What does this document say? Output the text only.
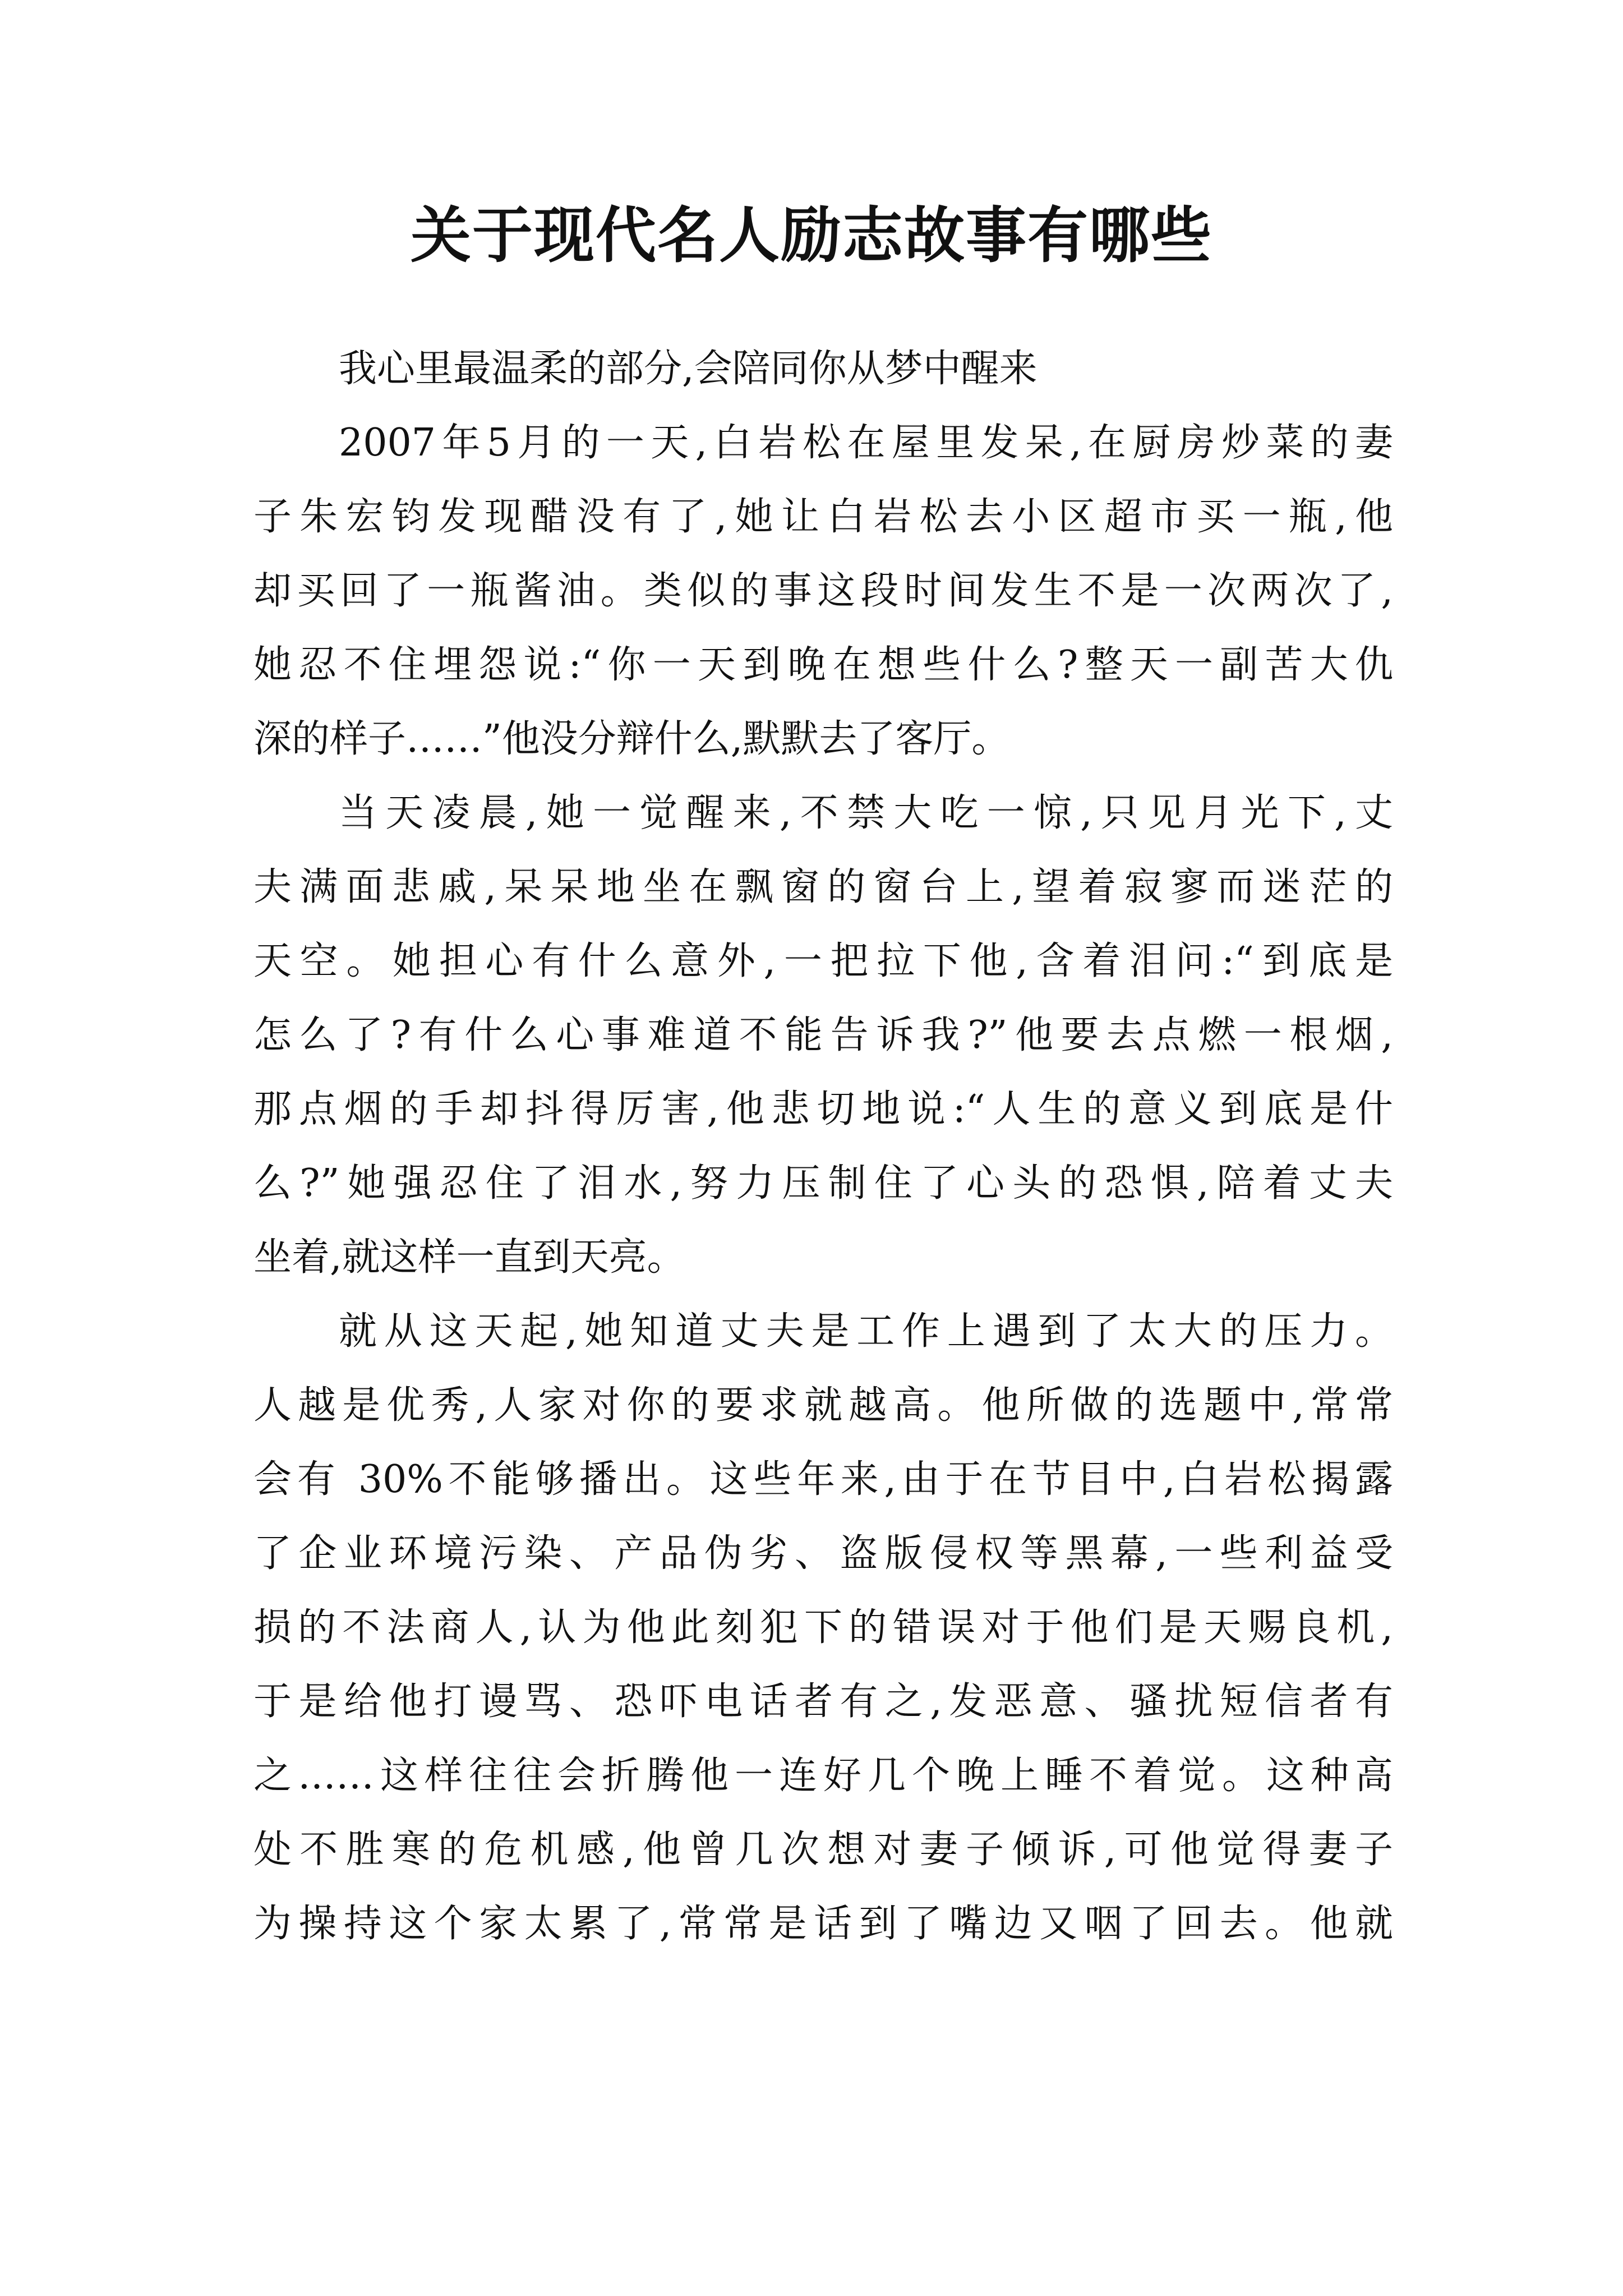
关于现代名人励志故事有哪些
我心里最温柔的部分,会陪同你从梦中醒来
2007年5月的一天,白岩松在屋里发呆,在厨房炒菜的妻
子朱宏钧发现醋没有了,她让白岩松去小区超市买一瓶,他
却买回了一瓶酱油。类似的事这段时间发生不是一次两次了,
她忍不住埋怨说:“你一天到晚在想些什么?整天一副苦大仇
深的样子……”他没分辩什么,默默去了客厅。
当天凌晨,她一觉醒来,不禁大吃一惊,只见月光下,丈
夫满面悲戚,呆呆地坐在飘窗的窗台上,望着寂寥而迷茫的
天空。她担心有什么意外,一把拉下他,含着泪问:“到底是
怎么了?有什么心事难道不能告诉我?”他要去点燃一根烟,
那点烟的手却抖得厉害,他悲切地说:“人生的意义到底是什
么?”她强忍住了泪水,努力压制住了心头的恐惧,陪着丈夫
坐着,就这样一直到天亮。
就从这天起,她知道丈夫是工作上遇到了太大的压力。
人越是优秀,人家对你的要求就越高。他所做的选题中,常常
会有 30%不能够播出。这些年来,由于在节目中,白岩松揭露
了企业环境污染、产品伪劣、盗版侵权等黑幕,一些利益受
损的不法商人,认为他此刻犯下的错误对于他们是天赐良机,
于是给他打谩骂、恐吓电话者有之,发恶意、骚扰短信者有
之……这样往往会折腾他一连好几个晚上睡不着觉。这种高
处不胜寒的危机感,他曾几次想对妻子倾诉,可他觉得妻子
为操持这个家太累了,常常是话到了嘴边又咽了回去。他就
